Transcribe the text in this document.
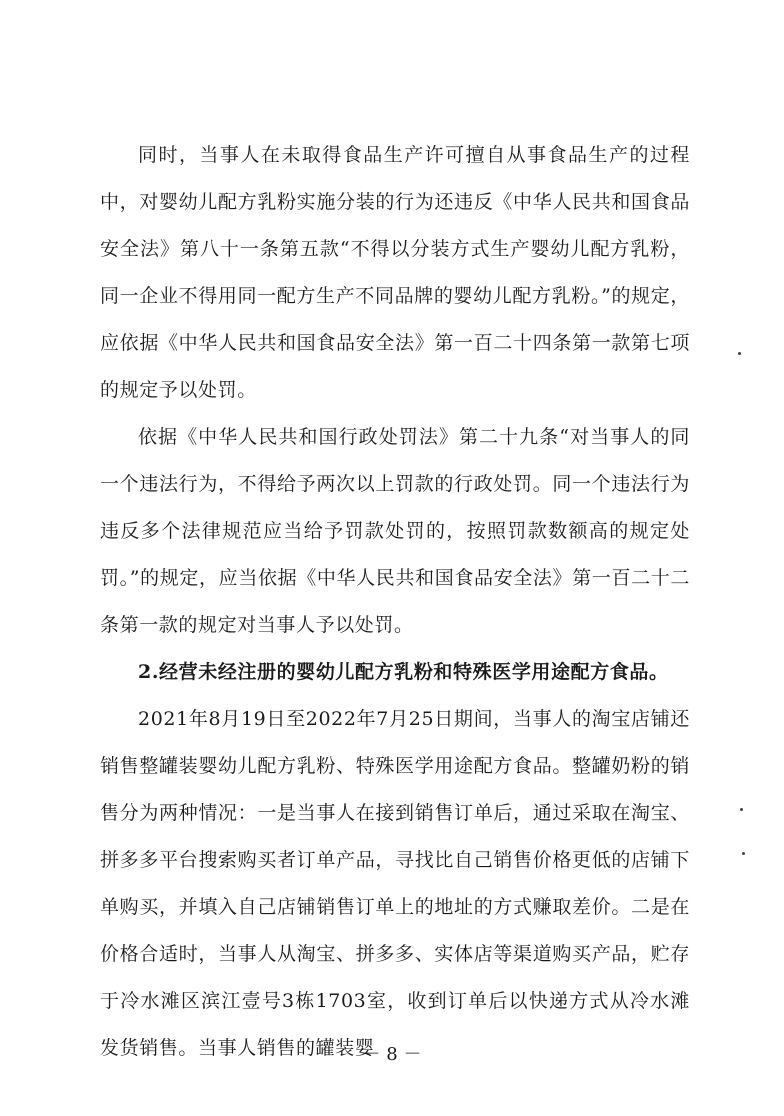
同时，当事人在未取得食品生产许可擅自从事食品生产的过程中，对婴幼儿配方乳粉实施分装的行为还违反《中华人民共和国食品安全法》第八十一条第五款“不得以分装方式生产婴幼儿配方乳粉，同一企业不得用同一配方生产不同品牌的婴幼儿配方乳粉。”的规定，应依据《中华人民共和国食品安全法》第一百二十四条第一款第七项的规定予以处罚。

依据《中华人民共和国行政处罚法》第二十九条“对当事人的同一个违法行为，不得给予两次以上罚款的行政处罚。同一个违法行为违反多个法律规范应当给予罚款处罚的，按照罚款数额高的规定处罚。”的规定，应当依据《中华人民共和国食品安全法》第一百二十二条第一款的规定对当事人予以处罚。

2.经营未经注册的婴幼儿配方乳粉和特殊医学用途配方食品。

2021年8月19日至2022年7月25日期间，当事人的淘宝店铺还销售整罐装婴幼儿配方乳粉、特殊医学用途配方食品。整罐奶粉的销售分为两种情况：一是当事人在接到销售订单后，通过采取在淘宝、拼多多平台搜索购买者订单产品，寻找比自己销售价格更低的店铺下单购买，并填入自己店铺销售订单上的地址的方式赚取差价。二是在价格合适时，当事人从淘宝、拼多多、实体店等渠道购买产品，贮存于冷水滩区滨江壹号3栋1703室，收到订单后以快递方式从冷水滩发货销售。当事人销售的罐装婴

－ 8 －
